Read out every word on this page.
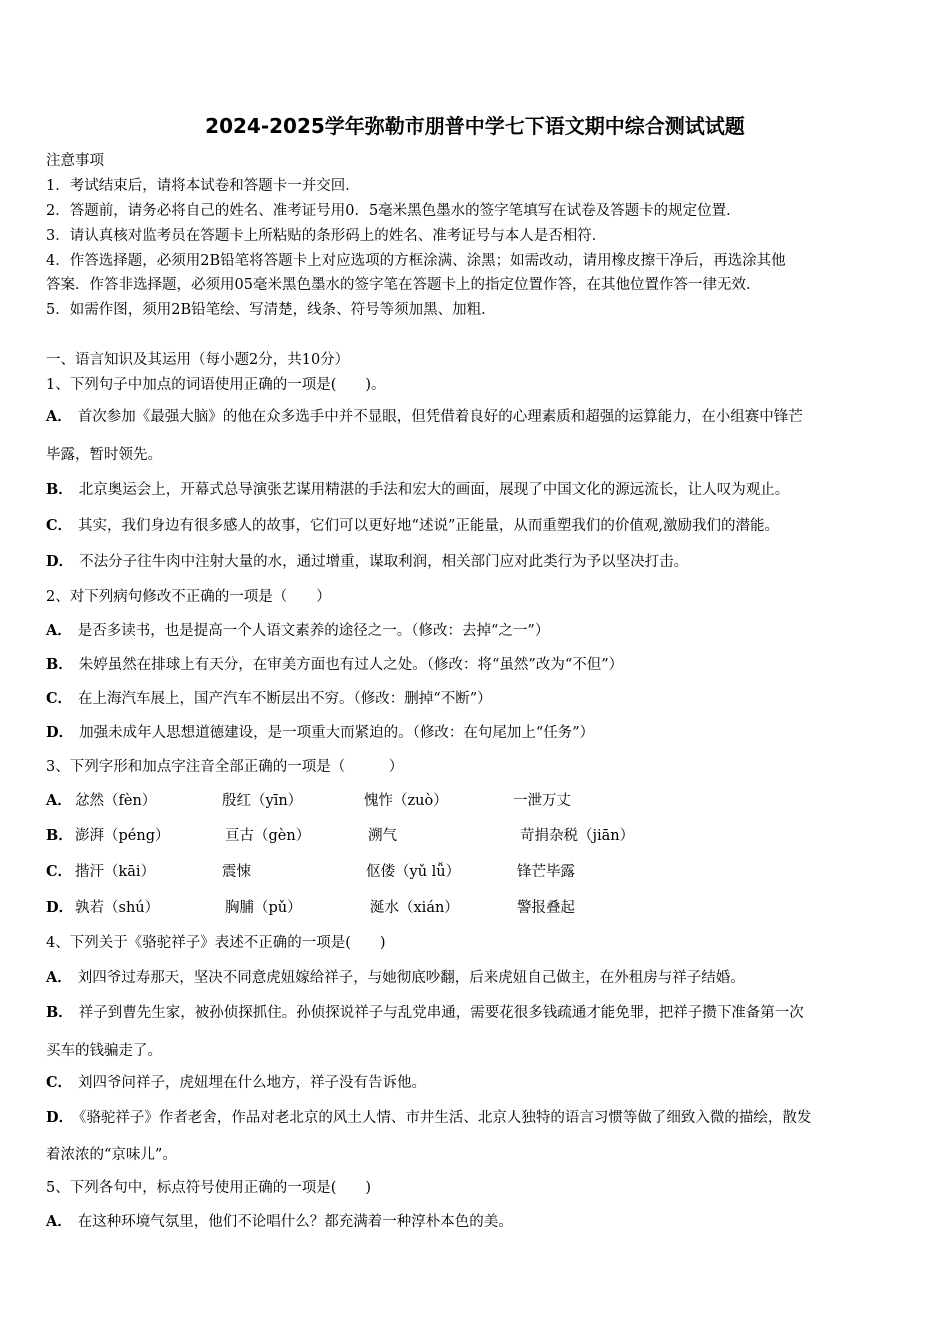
2024-2025学年弥勒市朋普中学七下语文期中综合测试试题
注意事项
1．考试结束后，请将本试卷和答题卡一并交回．
2．答题前，请务必将自己的姓名、准考证号用0．5毫米黑色墨水的签字笔填写在试卷及答题卡的规定位置．
3．请认真核对监考员在答题卡上所粘贴的条形码上的姓名、准考证号与本人是否相符．
4．作答选择题，必须用2B铅笔将答题卡上对应选项的方框涂满、涂黑；如需改动，请用橡皮擦干净后，再选涂其他
答案．作答非选择题，必须用05毫米黑色墨水的签字笔在答题卡上的指定位置作答，在其他位置作答一律无效．
5．如需作图，须用2B铅笔绘、写清楚，线条、符号等须加黑、加粗．
一、语言知识及其运用（每小题2分，共10分）
1、下列句子中加点的词语使用正确的一项是(　　)。
A． 首次参加《最强大脑》的他在众多选手中并不显眼，但凭借着良好的心理素质和超强的运算能力，在小组赛中锋芒
毕露，暂时领先。
B． 北京奥运会上，开幕式总导演张艺谋用精湛的手法和宏大的画面，展现了中国文化的源远流长，让人叹为观止。
C． 其实，我们身边有很多感人的故事，它们可以更好地“述说”正能量，从而重塑我们的价值观,激励我们的潜能。
D． 不法分子往牛肉中注射大量的水，通过增重，谋取利润，相关部门应对此类行为予以坚决打击。
2、对下列病句修改不正确的一项是（　　）
A． 是否多读书，也是提高一个人语文素养的途径之一。（修改：去掉“之一”）
B． 朱婷虽然在排球上有天分，在审美方面也有过人之处。（修改：将“虽然”改为“不但”）
C． 在上海汽车展上，国产汽车不断层出不穷。（修改：删掉“不断”）
D． 加强未成年人思想道德建设，是一项重大而紧迫的。（修改：在句尾加上“任务”）
3、下列字形和加点字注音全部正确的一项是（　　　）
A． 忿然（fèn）	殷红（yīn）	愧怍（zuò）	一泄万丈
B． 澎湃（péng）	亘古（gèn）	溯气	苛捐杂税（jiān）
C． 揩汗（kāi）	震悚	伛偻（yǔ lǚ）	锋芒毕露
D． 孰若（shú）	胸脯（pǔ）	涎水（xián）	警报叠起
4、下列关于《骆驼祥子》表述不正确的一项是(　　)
A． 刘四爷过寿那天，坚决不同意虎妞嫁给祥子，与她彻底吵翻，后来虎妞自己做主，在外租房与祥子结婚。
B． 祥子到曹先生家，被孙侦探抓住。孙侦探说祥子与乱党串通，需要花很多钱疏通才能免罪，把祥子攒下准备第一次
买车的钱骗走了。
C． 刘四爷问祥子，虎妞埋在什么地方，祥子没有告诉他。
D． 《骆驼祥子》作者老舍，作品对老北京的风土人情、市井生活、北京人独特的语言习惯等做了细致入微的描绘，散发
着浓浓的“京味儿”。
5、下列各句中，标点符号使用正确的一项是(　　)
A． 在这种环境气氛里，他们不论唱什么？都充满着一种淳朴本色的美。
